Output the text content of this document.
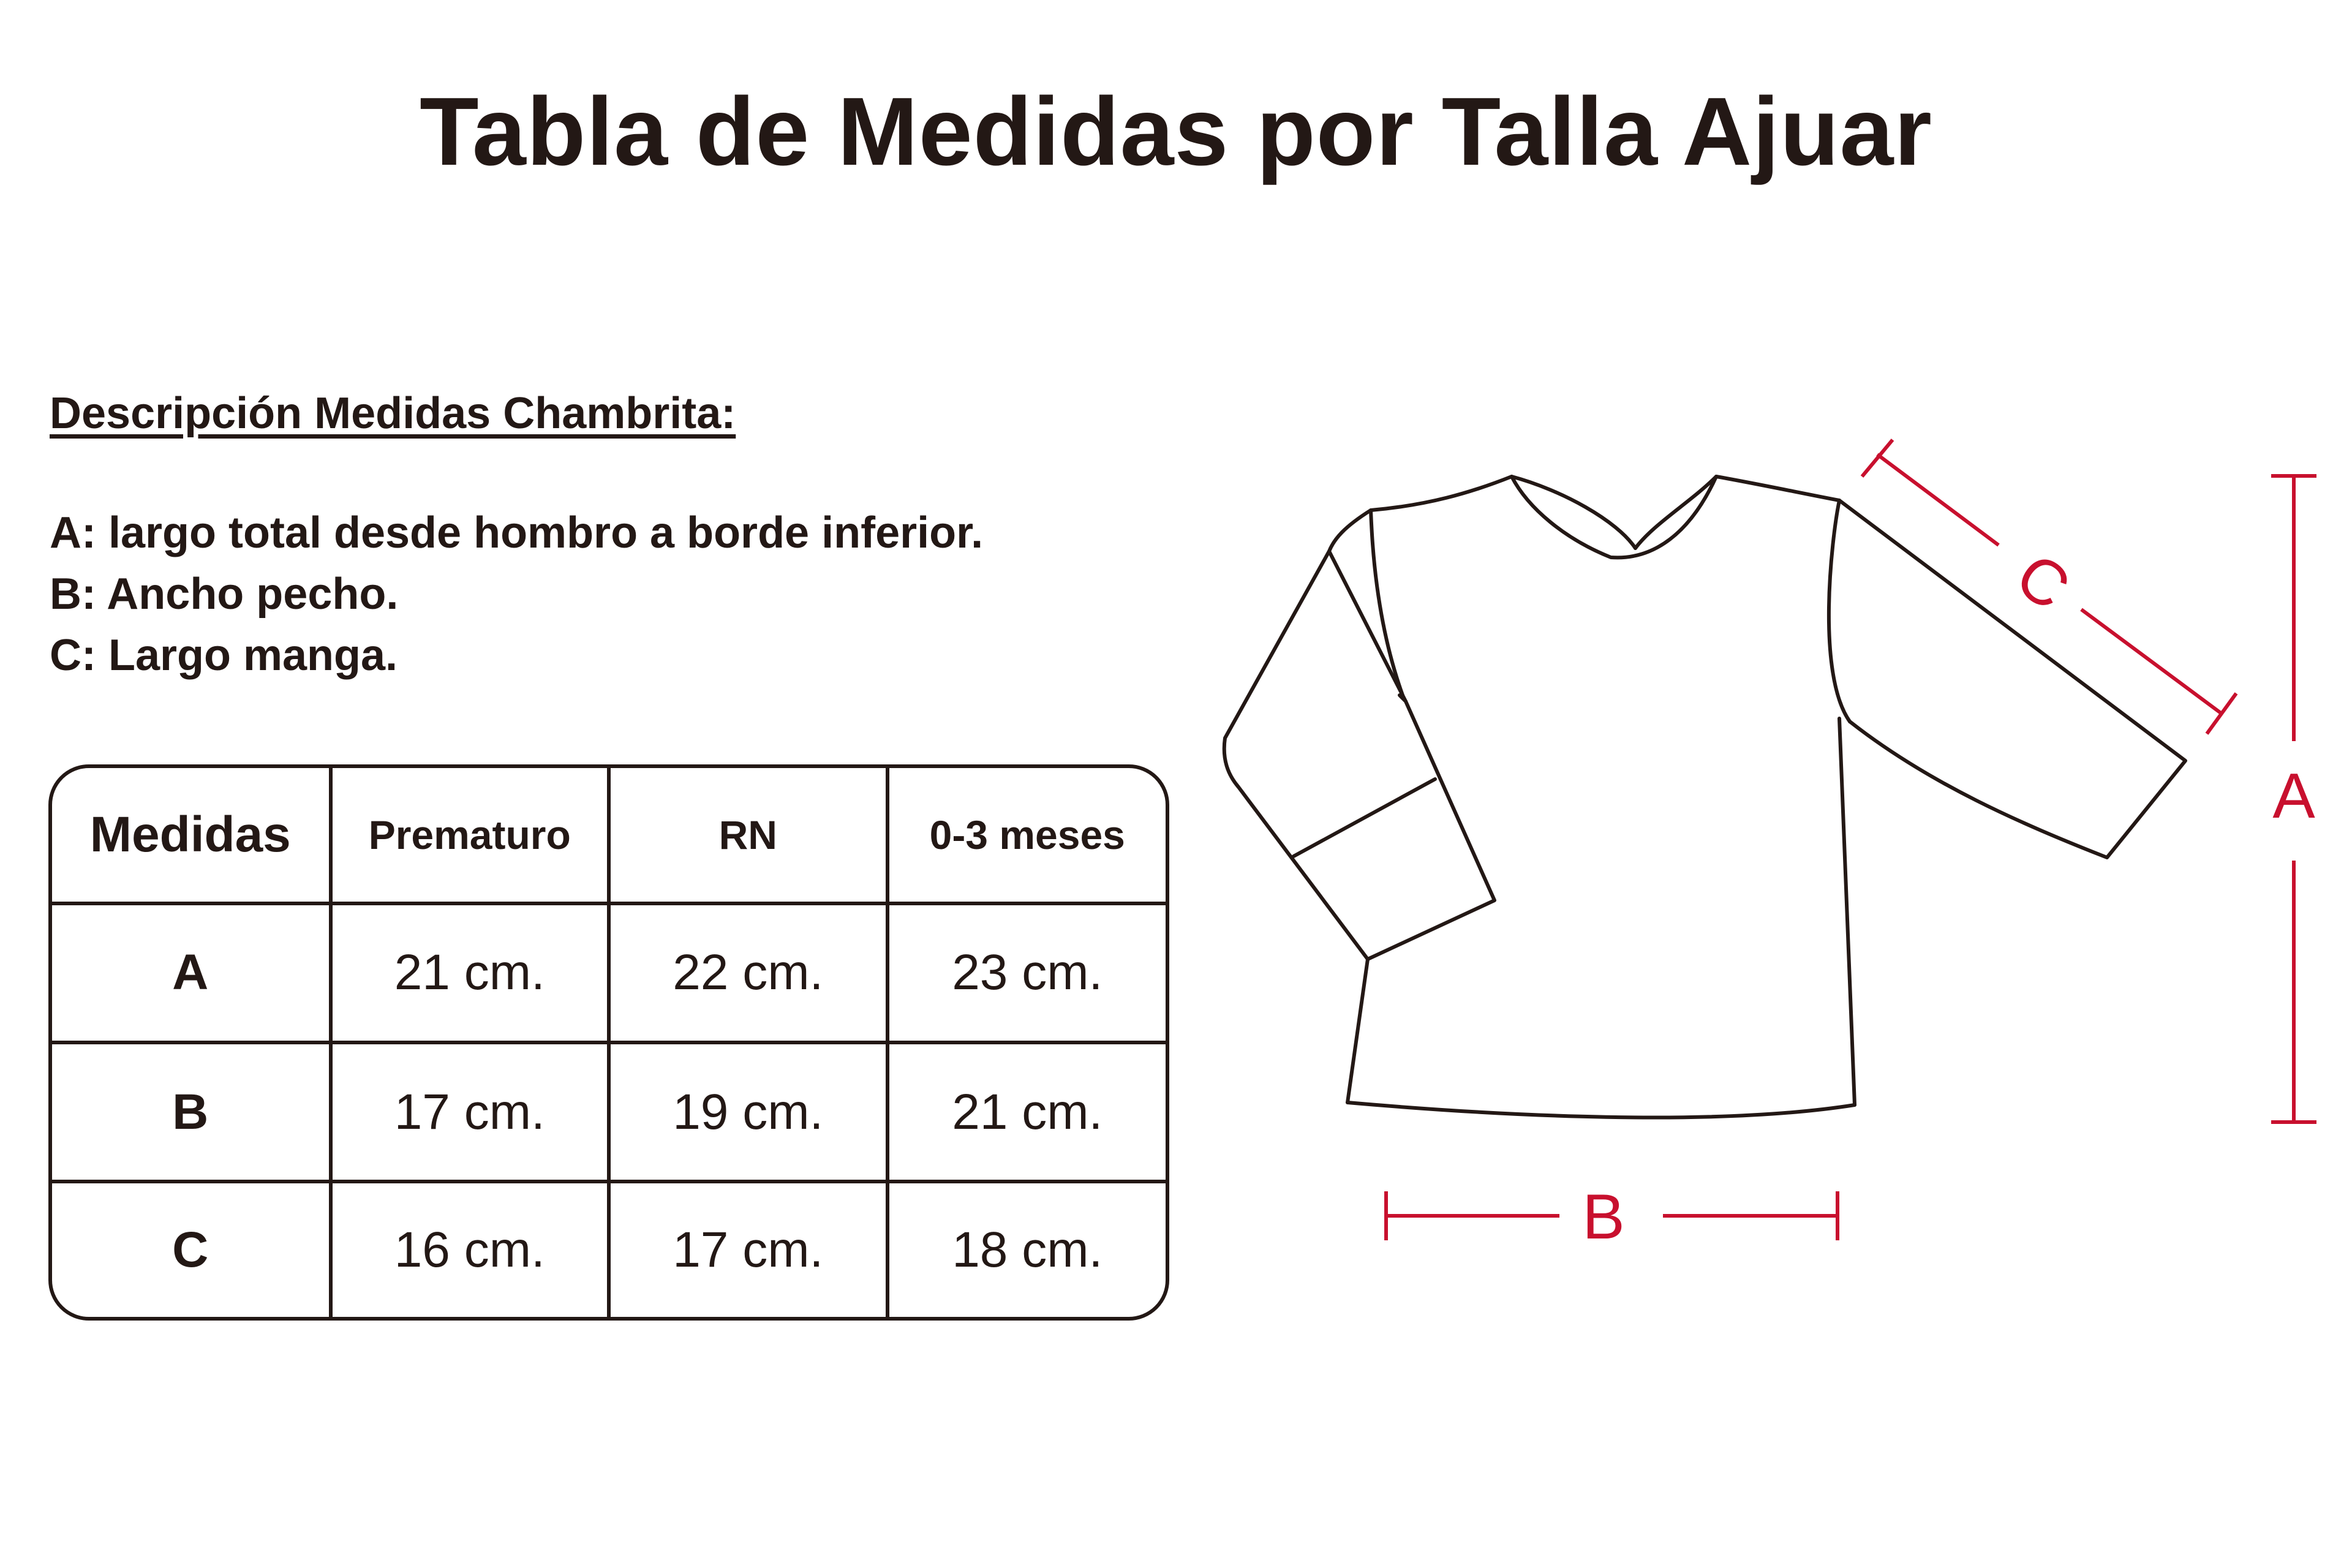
Tabla de Medidas por Talla Ajuar

Descripción Medidas Chambrita:

A: largo total desde hombro a borde inferior.

B: Ancho pecho.

C: Largo manga.

Medidas	Prematuro	RN	0-3 meses
A	21 cm.	22 cm.	23 cm.
B	17 cm.	19 cm.	21 cm.
C	16 cm.	17 cm.	18 cm.
A
B
C
